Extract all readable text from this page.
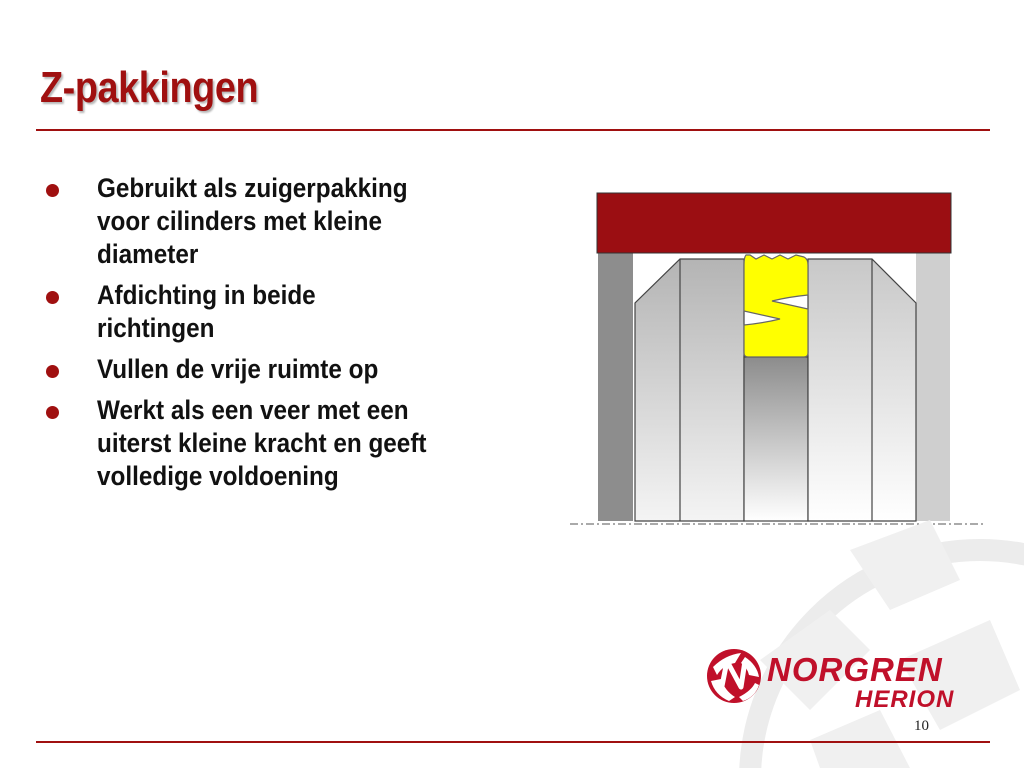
Z-pakkingen
Gebruikt als zuigerpakking
voor cilinders met kleine
diameter
Afdichting in beide
richtingen
Vullen de vrije ruimte op
Werkt als een veer met een
uiterst kleine kracht en geeft
volledige voldoening
NORGREN
HERION
10
